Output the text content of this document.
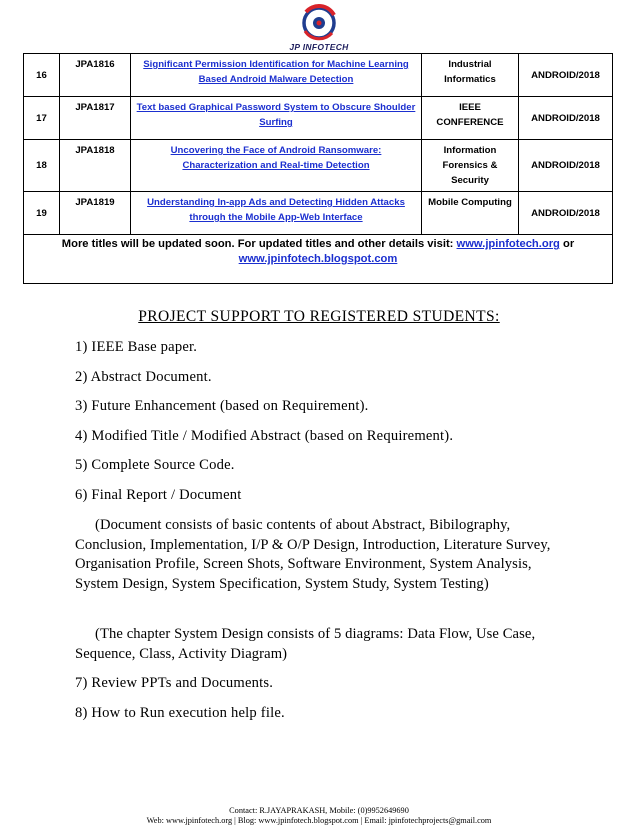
JP INFOTECH
16	JPA1816	Significant Permission Identification for Machine Learning Based Android Malware Detection	Industrial Informatics	ANDROID/2018
17	JPA1817	Text based Graphical Password System to Obscure Shoulder Surfing	IEEE CONFERENCE	ANDROID/2018
18	JPA1818	Uncovering the Face of Android Ransomware: Characterization and Real-time Detection	Information Forensics & Security	ANDROID/2018
19	JPA1819	Understanding In-app Ads and Detecting Hidden Attacks through the Mobile App-Web Interface	Mobile Computing	ANDROID/2018
More titles will be updated soon. For updated titles and other details visit: www.jpinfotech.org or
www.jpinfotech.blogspot.com				
PROJECT SUPPORT TO REGISTERED STUDENTS:
1) IEEE Base paper.
2) Abstract Document.
3) Future Enhancement (based on Requirement).
4) Modified Title / Modified Abstract (based on Requirement).
5) Complete Source Code.
6) Final Report / Document
(Document consists of basic contents of about Abstract, Bibilography, Conclusion, Implementation, I/P & O/P Design, Introduction, Literature Survey, Organisation Profile, Screen Shots, Software Environment, System Analysis, System Design, System Specification, System Study, System Testing)
(The chapter System Design consists of 5 diagrams: Data Flow, Use Case, Sequence, Class, Activity Diagram)
7) Review PPTs and Documents.
8) How to Run execution help file.
Contact: R.JAYAPRAKASH, Mobile: (0)9952649690
Web: www.jpinfotech.org | Blog: www.jpinfotech.blogspot.com | Email: jpinfotechprojects@gmail.com
